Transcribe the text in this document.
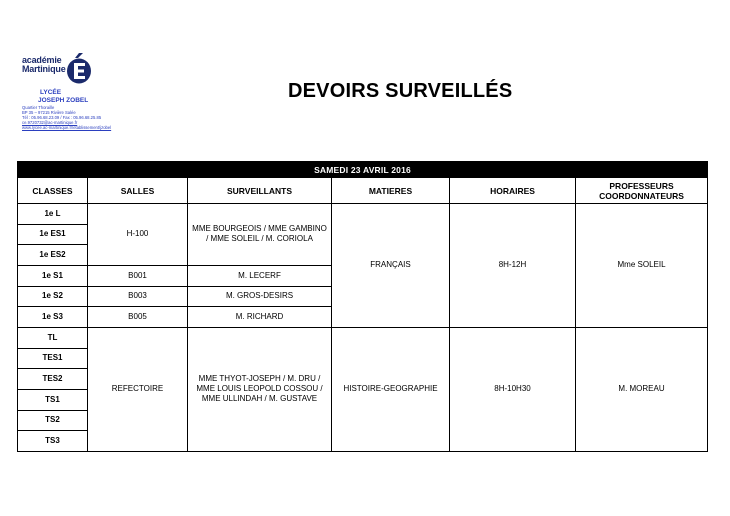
académie
Martinique
LYCÉE
JOSEPH ZOBEL
Quartier Thoraille
BP 35 – 97215 Rivière Salée
Tél : 05.96.68.23.09 / Fax : 05.96.68.25.85
ce.9720732@ac-martinique.fr
www.lycee.ac-martinique.fr/etablissement/jzobel
DEVOIRS SURVEILLÉS
SAMEDI 23 AVRIL 2016					
CLASSES	SALLES	SURVEILLANTS	MATIERES	HORAIRES	PROFESSEURS COORDONNATEURS
1e L	H-100	MME BOURGEOIS / MME GAMBINO / MME SOLEIL / M. CORIOLA	FRANÇAIS	8H-12H	Mme SOLEIL
1e ES1					
1e ES2					
1e S1	B001	M. LECERF			
1e S2	B003	M. GROS-DESIRS			
1e S3	B005	M. RICHARD			
TL	REFECTOIRE	MME THYOT-JOSEPH / M. DRU / MME LOUIS LEOPOLD COSSOU / MME ULLINDAH / M. GUSTAVE	HISTOIRE-GEOGRAPHIE	8H-10H30	M. MOREAU
TES1					
TES2					
TS1					
TS2					
TS3					
